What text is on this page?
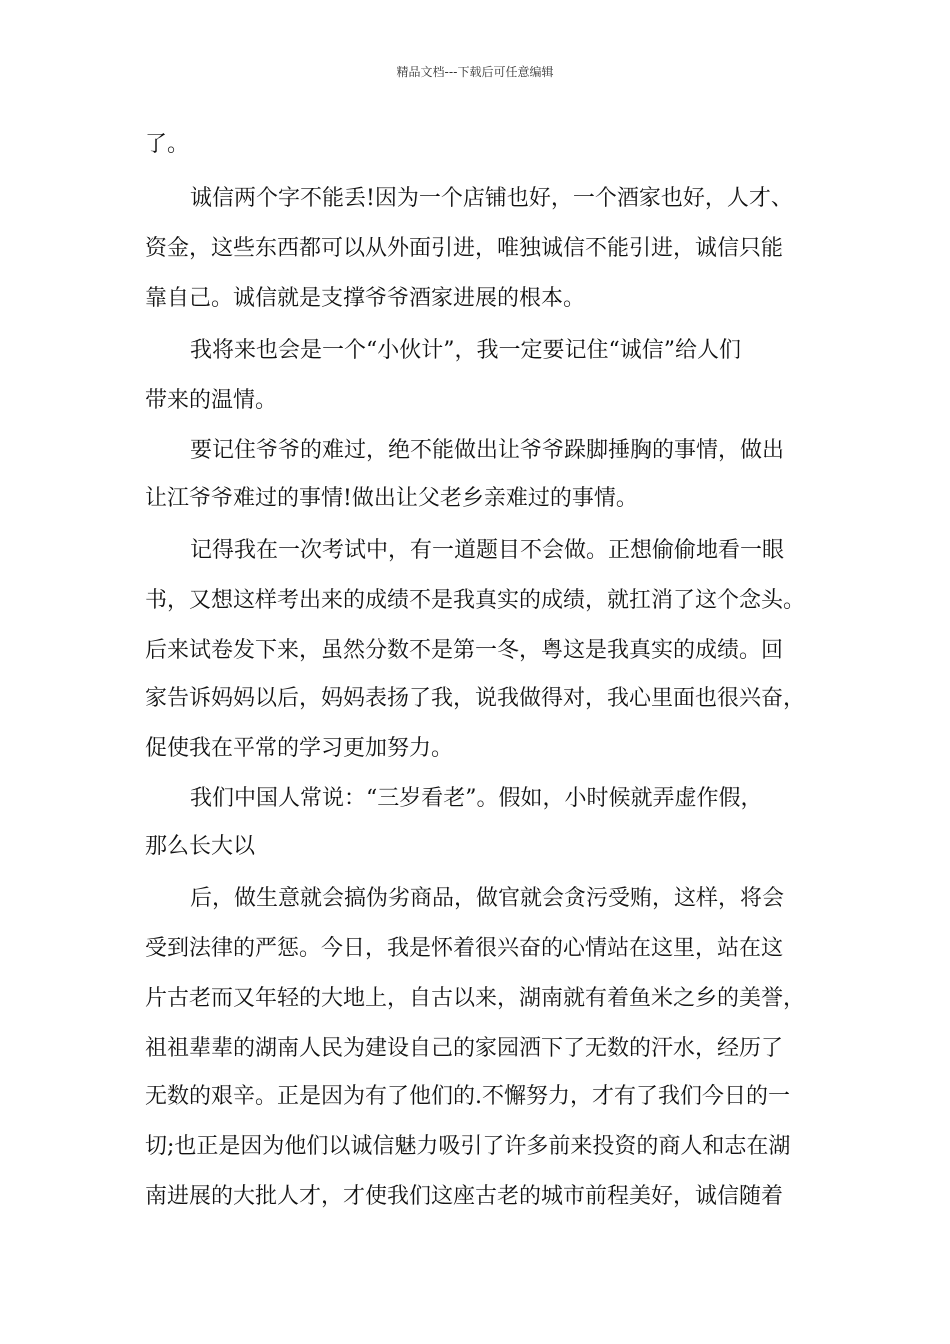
精品文档---下载后可任意编辑
了。
诚信两个字不能丢!因为一个店铺也好，一个酒家也好，人才、
资金，这些东西都可以从外面引进，唯独诚信不能引进，诚信只能
靠自己。诚信就是支撑爷爷酒家进展的根本。
我将来也会是一个“小伙计”，我一定要记住“诚信”给人们
带来的温情。
要记住爷爷的难过，绝不能做出让爷爷跺脚捶胸的事情，做出
让江爷爷难过的事情!做出让父老乡亲难过的事情。
记得我在一次考试中，有一道题目不会做。正想偷偷地看一眼
书，又想这样考出来的成绩不是我真实的成绩，就扛消了这个念头。
后来试卷发下来，虽然分数不是第一冬，粤这是我真实的成绩。回
家告诉妈妈以后，妈妈表扬了我，说我做得对，我心里面也很兴奋，
促使我在平常的学习更加努力。
我们中国人常说：“三岁看老”。假如，小时候就弄虚作假，
那么长大以
后，做生意就会搞伪劣商品，做官就会贪污受贿，这样，将会
受到法律的严惩。今日，我是怀着很兴奋的心情站在这里，站在这
片古老而又年轻的大地上，自古以来，湖南就有着鱼米之乡的美誉，
祖祖辈辈的湖南人民为建设自己的家园洒下了无数的汗水，经历了
无数的艰辛。正是因为有了他们的.不懈努力，才有了我们今日的一
切;也正是因为他们以诚信魅力吸引了许多前来投资的商人和志在湖
南进展的大批人才，才使我们这座古老的城市前程美好，诚信随着
